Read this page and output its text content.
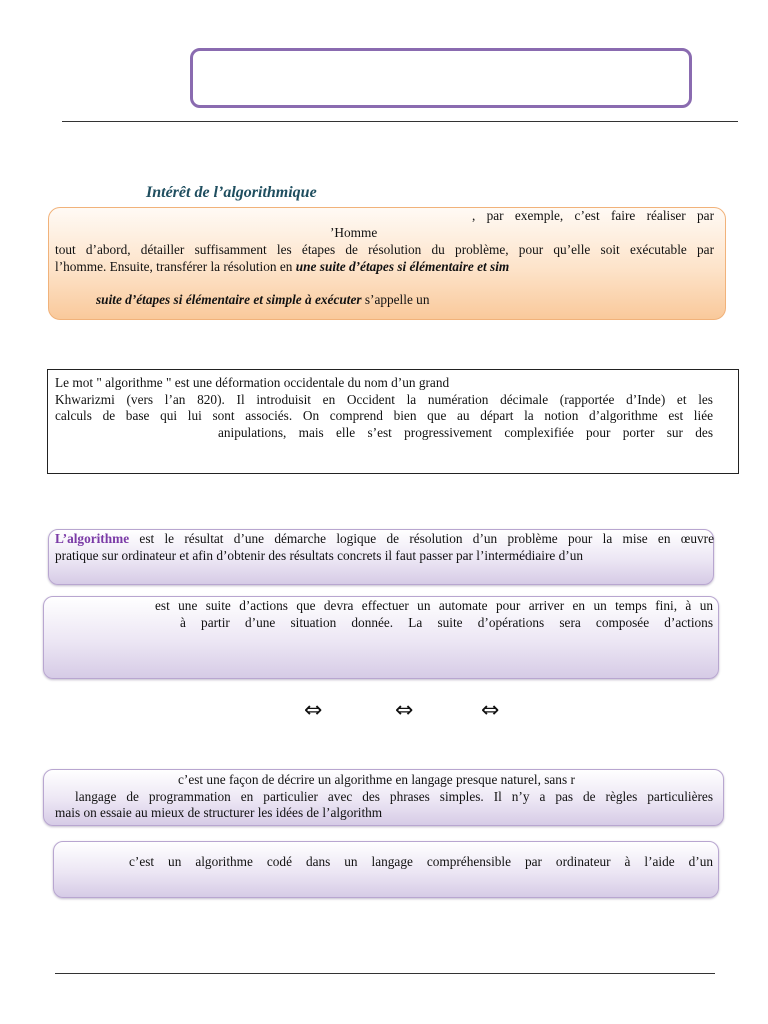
Intérêt de l’algorithmique
, par exemple, c’est faire réaliser par
’Homme
tout d’abord, détailler suffisamment les étapes de résolution du problème, pour qu’elle soit exécutable par
l’homme. Ensuite, transférer la résolution en une suite d’étapes si élémentaire et sim
suite d’étapes si élémentaire et simple à exécuter s’appelle un
Le mot " algorithme " est une déformation occidentale du nom d’un grand
Khwarizmi (vers l’an 820). Il introduisit en Occident la numération décimale (rapportée d’Inde) et les
calculs de base qui lui sont associés. On comprend bien que au départ la notion d’algorithme est liée
anipulations, mais elle s’est progressivement complexifiée pour porter sur des
L’algorithme est le résultat d’une démarche logique de résolution d’un problème pour la mise en œuvre
pratique sur ordinateur et afin d’obtenir des résultats concrets il faut passer par l’intermédiaire d’un
est une suite d’actions que devra effectuer un automate pour arriver en un temps fini, à un
à partir d’une situation donnée. La suite d’opérations sera composée d’actions
⇔	⇔	⇔
c’est une façon de décrire un algorithme en langage presque naturel, sans r
langage de programmation en particulier avec des phrases simples. Il n’y a pas de règles particulières
mais on essaie au mieux de structurer les idées de l’algorithm
c’est un algorithme codé dans un langage compréhensible par ordinateur à l’aide d’un
